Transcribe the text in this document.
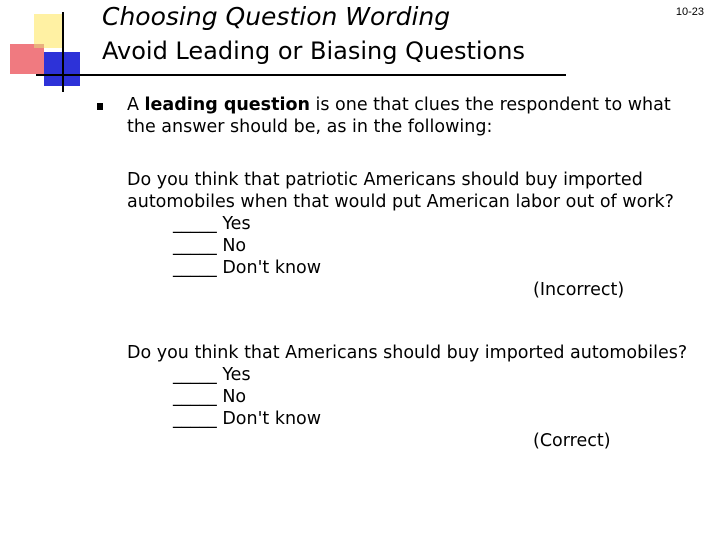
Choosing Question Wording
Avoid Leading or Biasing Questions
10-23

A leading question is one that clues the respondent to what the answer should be, as in the following:

Do you think that patriotic Americans should buy imported automobiles when that would put American labor out of work?
_____ Yes
_____ No
_____ Don't know
(Incorrect)
Do you think that Americans should buy imported automobiles?
_____ Yes
_____ No
_____ Don't know
(Correct)
